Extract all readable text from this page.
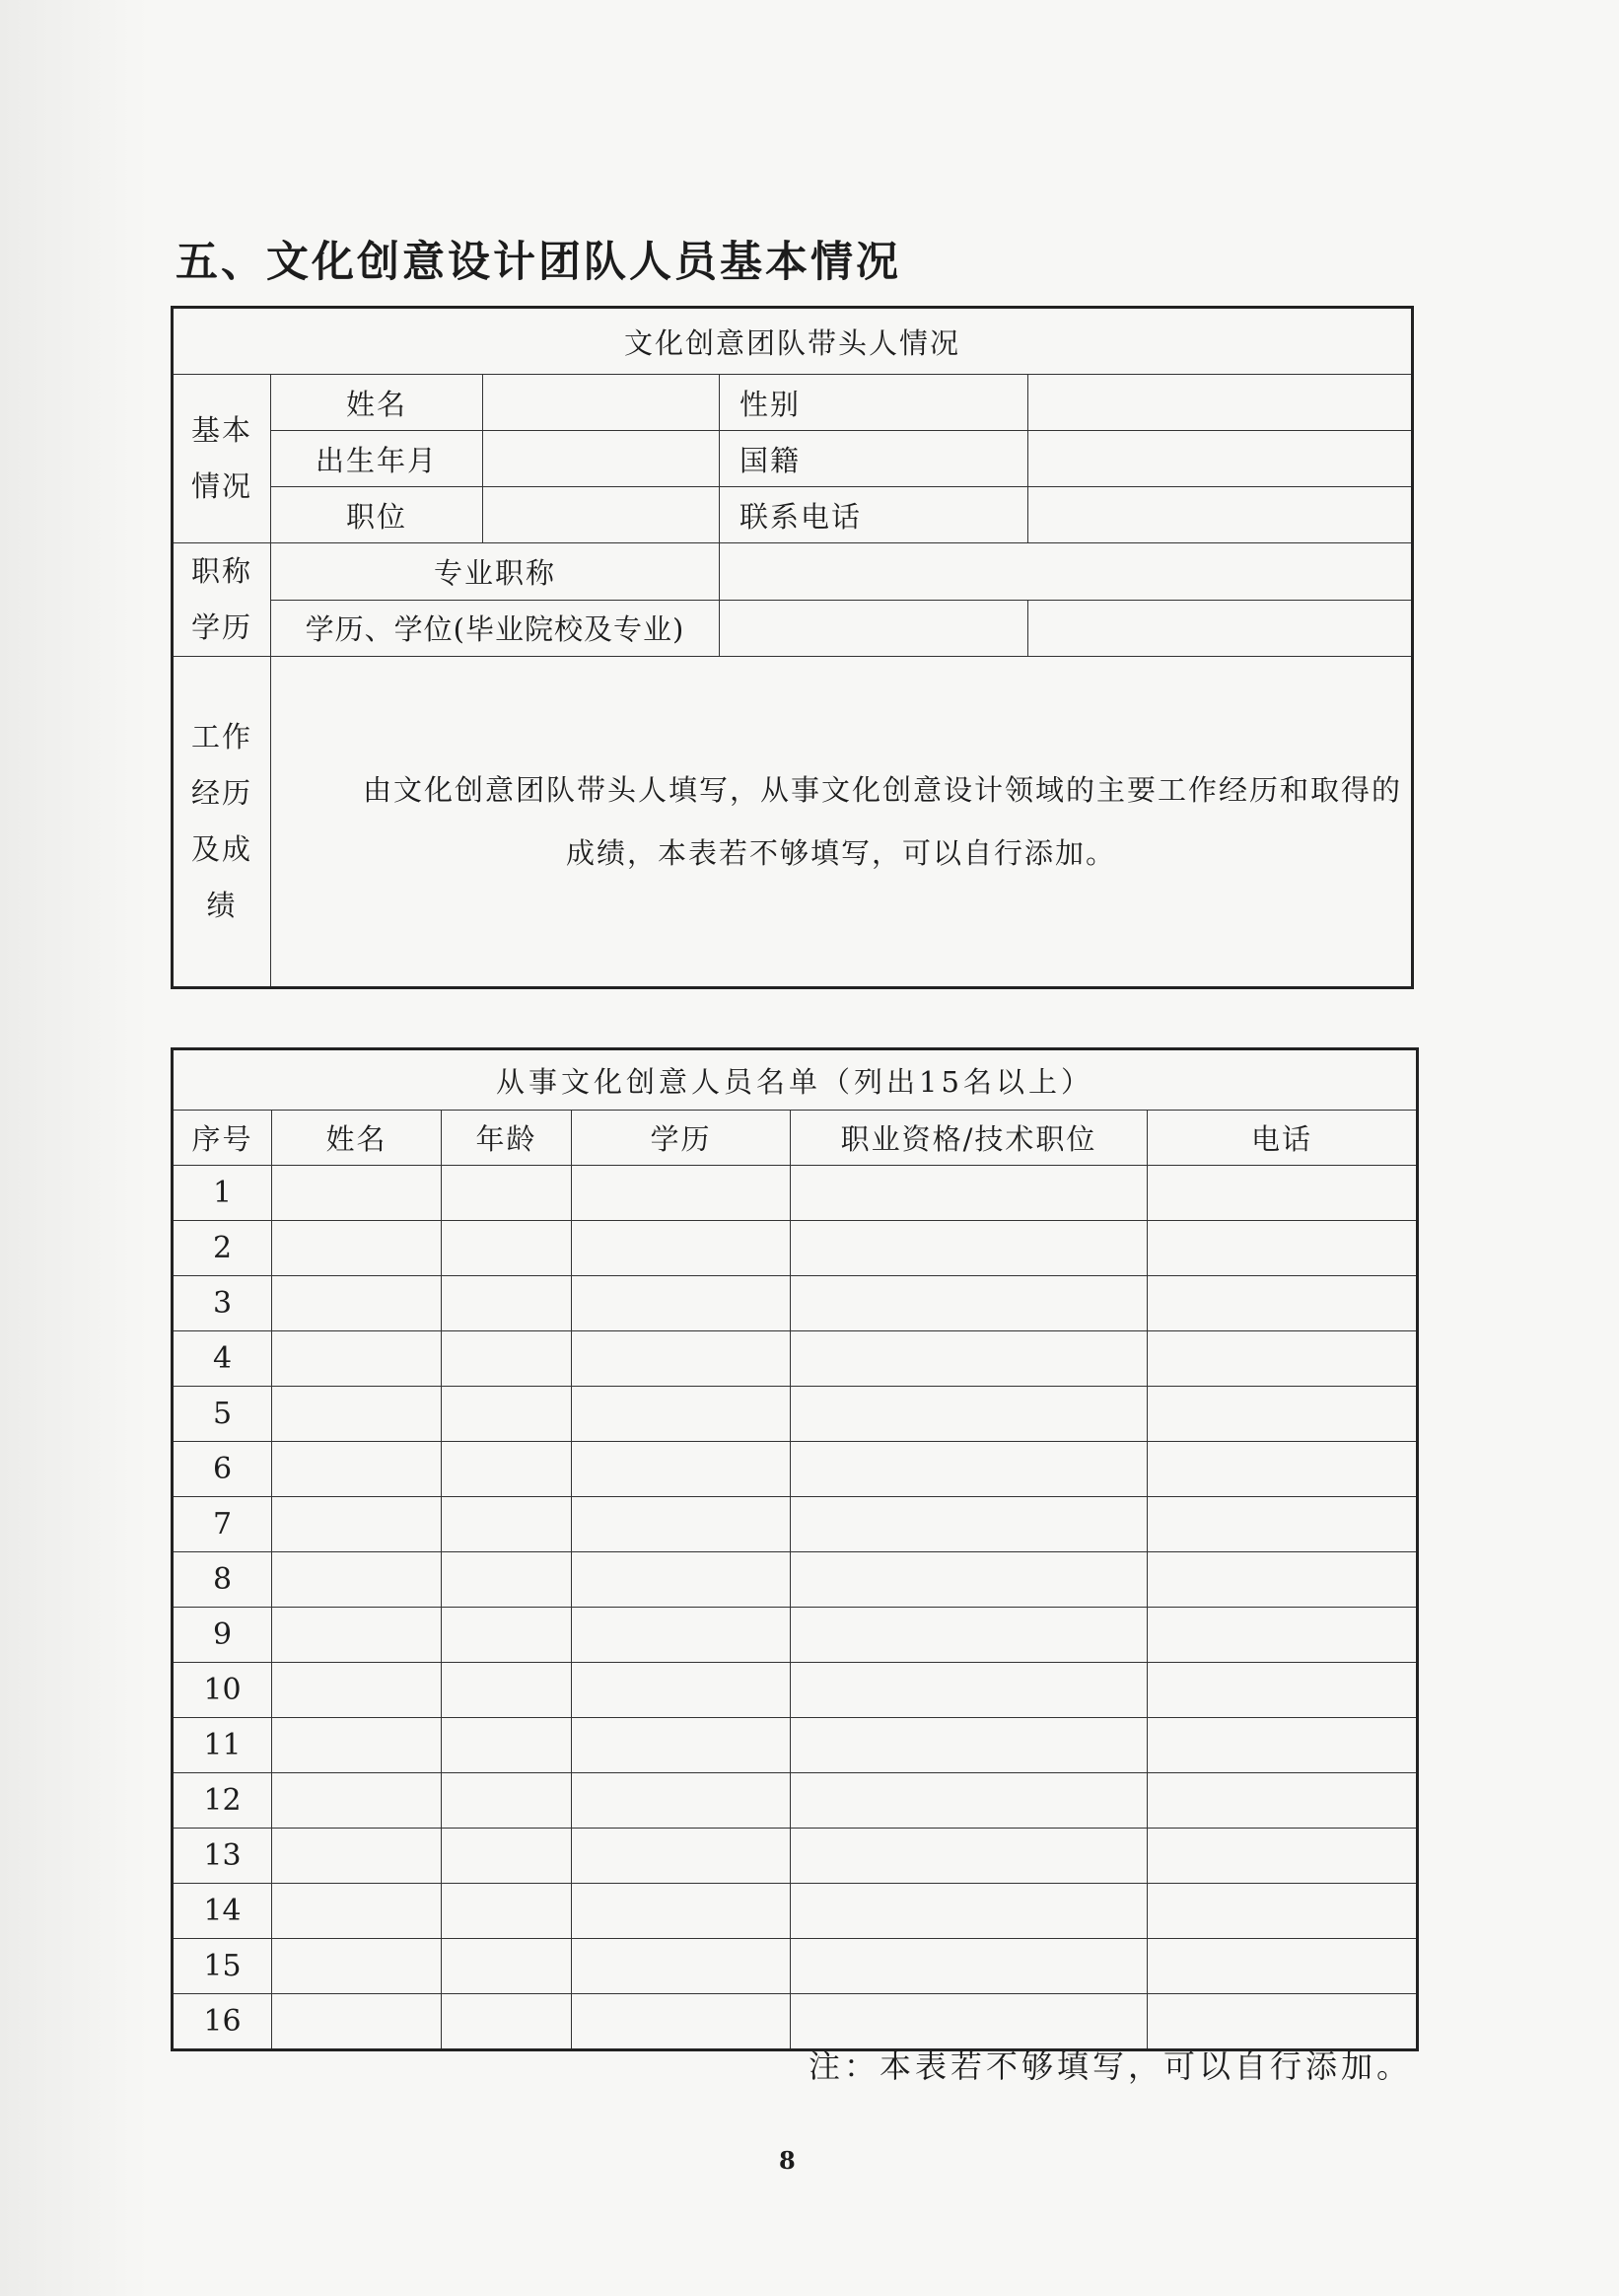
五、文化创意设计团队人员基本情况
文化创意团队带头人情况				

基本
情况	姓名		性别	
	出生年月		国籍	
	职位		联系电话	

职称
学历	专业职称			
	学历、学位(毕业院校及专业)			

工作
经历
及成
绩	由文化创意团队带头人填写，从事文化创意设计领域的主要工作经历和取得的成绩，本表若不够填写，可以自行添加。			
从事文化创意人员名单（列出15名以上）					
序号	姓名	年龄	学历	职业资格/技术职位	电话
1					
2					
3					
4					
5					
6					
7					
8					
9					
10					
11					
12					
13					
14					
15					
16					
注：本表若不够填写，可以自行添加。
8
